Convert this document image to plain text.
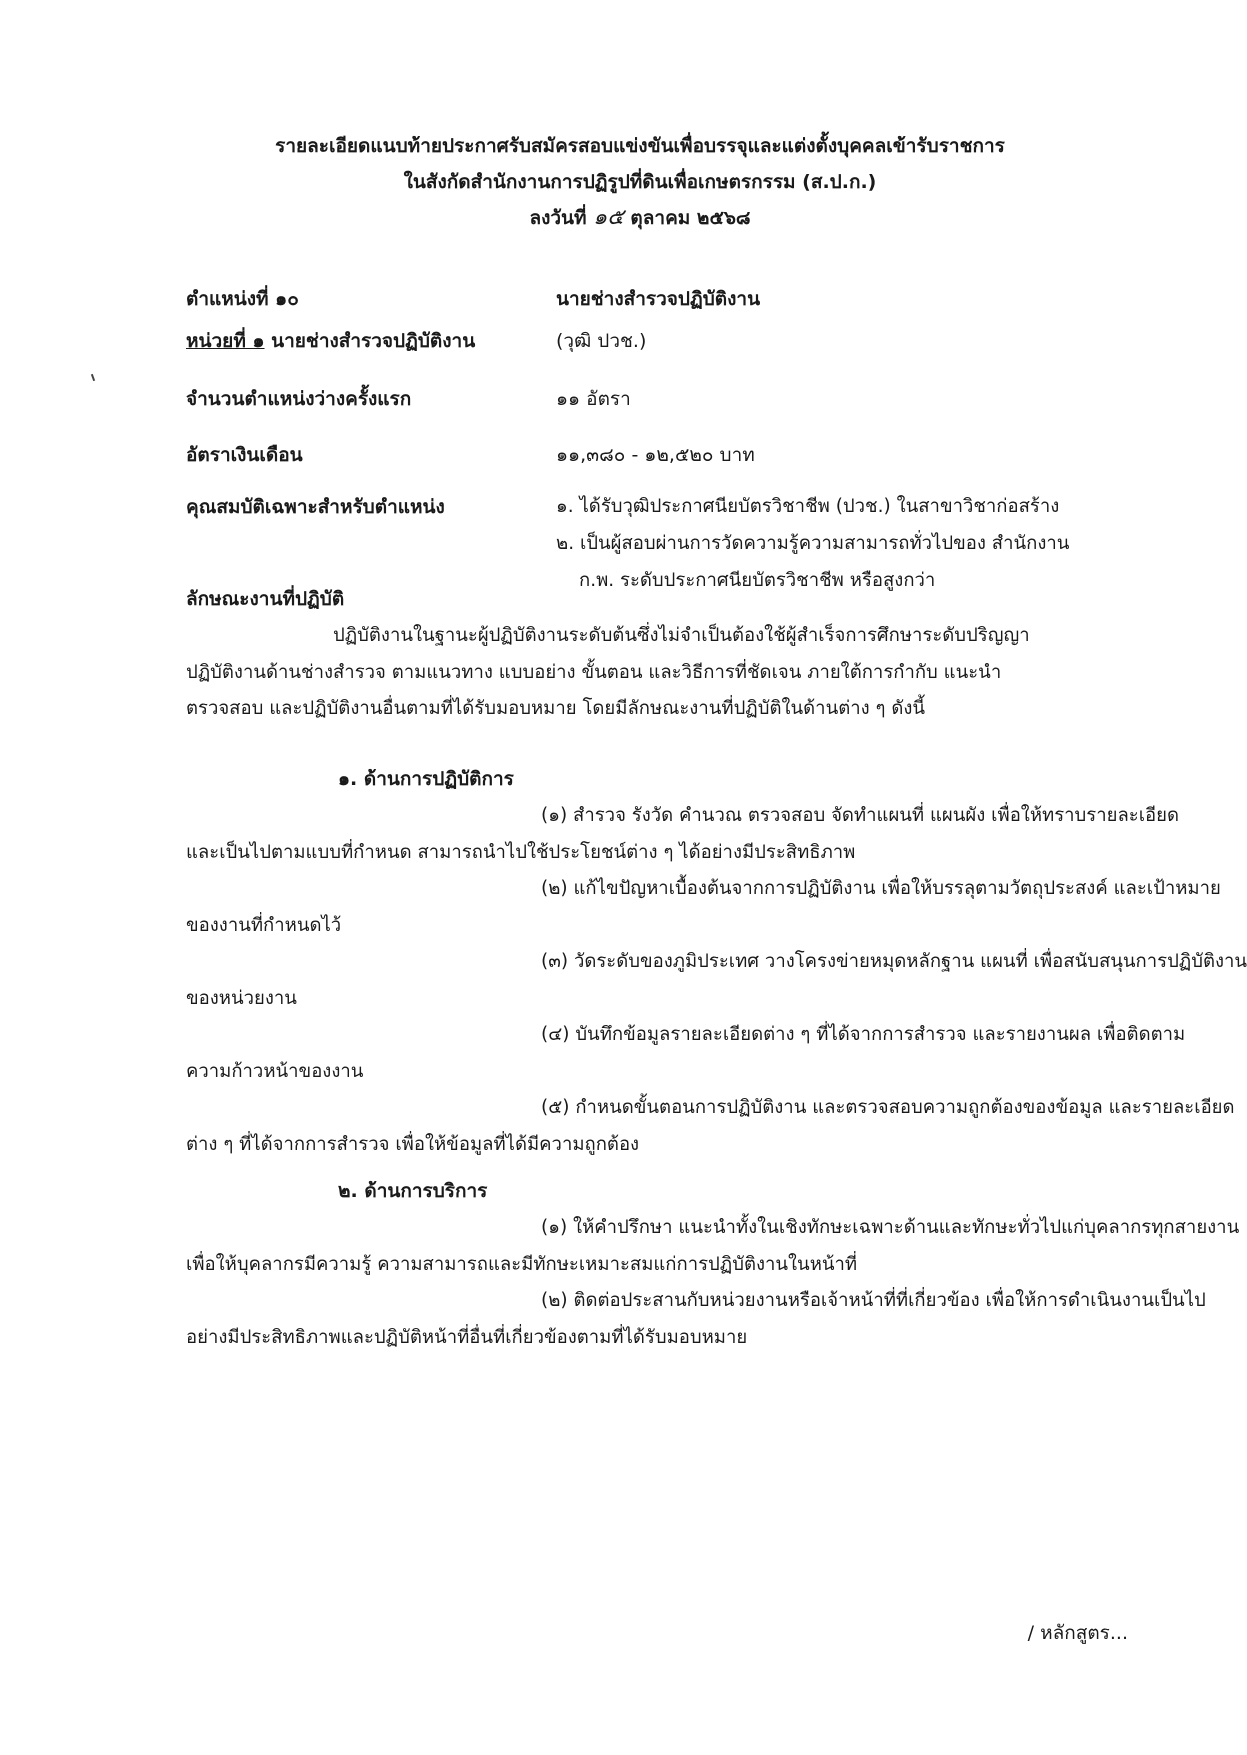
รายละเอียดแนบท้ายประกาศรับสมัครสอบแข่งขันเพื่อบรรจุและแต่งตั้งบุคคลเข้ารับราชการ
ในสังกัดสำนักงานการปฏิรูปที่ดินเพื่อเกษตรกรรม (ส.ป.ก.)
ลงวันที่ ๑๕ ตุลาคม ๒๕๖๘
ตำแหน่งที่ ๑๐	นายช่างสำรวจปฏิบัติงาน
หน่วยที่ ๑ นายช่างสำรวจปฏิบัติงาน	(วุฒิ ปวช.)
จำนวนตำแหน่งว่างครั้งแรก	๑๑ อัตรา
อัตราเงินเดือน	๑๑,๓๘๐ - ๑๒,๕๒๐ บาท
คุณสมบัติเฉพาะสำหรับตำแหน่ง	๑. ได้รับวุฒิประกาศนียบัตรวิชาชีพ (ปวช.) ในสาขาวิชาก่อสร้าง
๒. เป็นผู้สอบผ่านการวัดความรู้ความสามารถทั่วไปของ สำนักงาน
ก.พ. ระดับประกาศนียบัตรวิชาชีพ หรือสูงกว่า
ลักษณะงานที่ปฏิบัติ
ปฏิบัติงานในฐานะผู้ปฏิบัติงานระดับต้นซึ่งไม่จำเป็นต้องใช้ผู้สำเร็จการศึกษาระดับปริญญา
ปฏิบัติงานด้านช่างสำรวจ ตามแนวทาง แบบอย่าง ขั้นตอน และวิธีการที่ชัดเจน ภายใต้การกำกับ แนะนำ
ตรวจสอบ และปฏิบัติงานอื่นตามที่ได้รับมอบหมาย โดยมีลักษณะงานที่ปฏิบัติในด้านต่าง ๆ ดังนี้
๑. ด้านการปฏิบัติการ
(๑) สำรวจ รังวัด คำนวณ ตรวจสอบ จัดทำแผนที่ แผนผัง เพื่อให้ทราบรายละเอียด
และเป็นไปตามแบบที่กำหนด สามารถนำไปใช้ประโยชน์ต่าง ๆ ได้อย่างมีประสิทธิภาพ
(๒) แก้ไขปัญหาเบื้องต้นจากการปฏิบัติงาน เพื่อให้บรรลุตามวัตถุประสงค์ และเป้าหมาย
ของงานที่กำหนดไว้
(๓) วัดระดับของภูมิประเทศ วางโครงข่ายหมุดหลักฐาน แผนที่ เพื่อสนับสนุนการปฏิบัติงาน
ของหน่วยงาน
(๔) บันทึกข้อมูลรายละเอียดต่าง ๆ ที่ได้จากการสำรวจ และรายงานผล เพื่อติดตาม
ความก้าวหน้าของงาน
(๕) กำหนดขั้นตอนการปฏิบัติงาน และตรวจสอบความถูกต้องของข้อมูล และรายละเอียด
ต่าง ๆ ที่ได้จากการสำรวจ เพื่อให้ข้อมูลที่ได้มีความถูกต้อง
๒. ด้านการบริการ
(๑) ให้คำปรึกษา แนะนำทั้งในเชิงทักษะเฉพาะด้านและทักษะทั่วไปแก่บุคลากรทุกสายงาน
เพื่อให้บุคลากรมีความรู้ ความสามารถและมีทักษะเหมาะสมแก่การปฏิบัติงานในหน้าที่
(๒) ติดต่อประสานกับหน่วยงานหรือเจ้าหน้าที่ที่เกี่ยวข้อง เพื่อให้การดำเนินงานเป็นไป
อย่างมีประสิทธิภาพและปฏิบัติหน้าที่อื่นที่เกี่ยวข้องตามที่ได้รับมอบหมาย
/ หลักสูตร...
